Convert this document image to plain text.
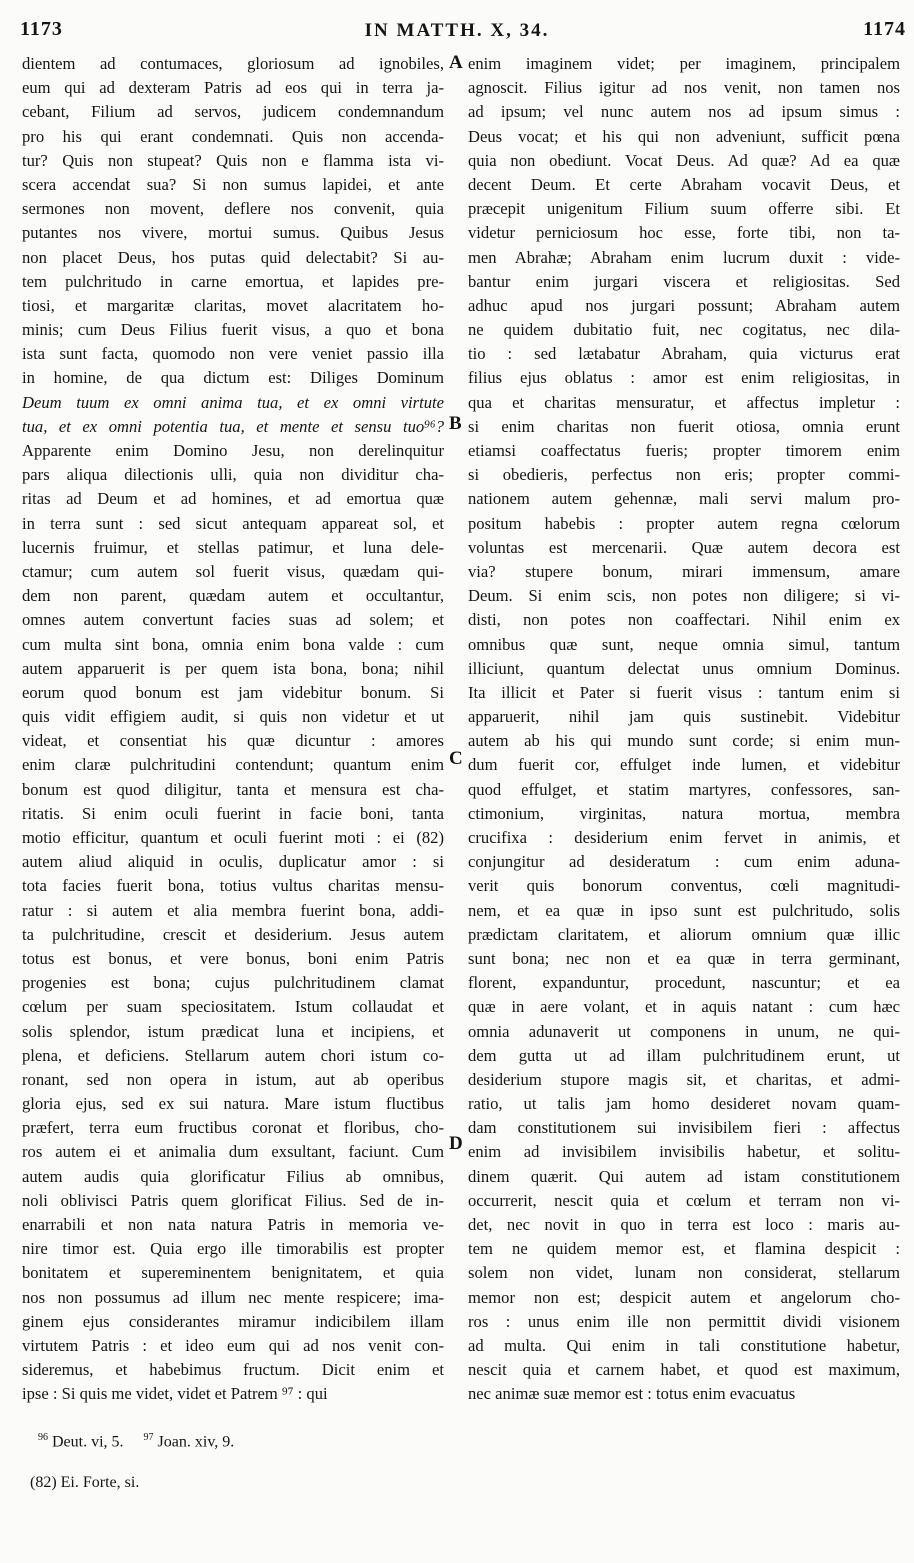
1173	IN MATTH. X, 34.	1174
dientem ad contumaces, gloriosum ad ignobiles,
eum qui ad dexteram Patris ad eos qui in terra ja-
cebant, Filium ad servos, judicem condemnandum
pro his qui erant condemnati. Quis non accenda-
tur? Quis non stupeat? Quis non e flamma ista vi-
scera accendat sua? Si non sumus lapidei, et ante
sermones non movent, deflere nos convenit, quia
putantes nos vivere, mortui sumus. Quibus Jesus
non placet Deus, hos putas quid delectabit? Si au-
tem pulchritudo in carne emortua, et lapides pre-
tiosi, et margaritæ claritas, movet alacritatem ho-
minis; cum Deus Filius fuerit visus, a quo et bona
ista sunt facta, quomodo non vere veniet passio illa
in homine, de qua dictum est: Diliges Dominum
Deum tuum ex omni anima tua, et ex omni virtute
tua, et ex omni potentia tua, et mente et sensu tuo⁹⁶?
Apparente enim Domino Jesu, non derelinquitur
pars aliqua dilectionis ulli, quia non dividitur cha-
ritas ad Deum et ad homines, et ad emortua quæ
in terra sunt : sed sicut antequam appareat sol, et
lucernis fruimur, et stellas patimur, et luna dele-
ctamur; cum autem sol fuerit visus, quædam qui-
dem non parent, quædam autem et occultantur,
omnes autem convertunt facies suas ad solem; et
cum multa sint bona, omnia enim bona valde : cum
autem apparuerit is per quem ista bona, bona; nihil
eorum quod bonum est jam videbitur bonum. Si
quis vidit effigiem audit, si quis non videtur et ut
videat, et consentiat his quæ dicuntur : amores
enim claræ pulchritudini contendunt; quantum enim
bonum est quod diligitur, tanta et mensura est cha-
ritatis. Si enim oculi fuerint in facie boni, tanta
motio efficitur, quantum et oculi fuerint moti : ei (82)
autem aliud aliquid in oculis, duplicatur amor : si
tota facies fuerit bona, totius vultus charitas mensu-
ratur : si autem et alia membra fuerint bona, addi-
ta pulchritudine, crescit et desiderium. Jesus autem
totus est bonus, et vere bonus, boni enim Patris
progenies est bona; cujus pulchritudinem clamat
cœlum per suam speciositatem. Istum collaudat et
solis splendor, istum prædicat luna et incipiens, et
plena, et deficiens. Stellarum autem chori istum co-
ronant, sed non opera in istum, aut ab operibus
gloria ejus, sed ex sui natura. Mare istum fluctibus
præfert, terra eum fructibus coronat et floribus, cho-
ros autem ei et animalia dum exsultant, faciunt. Cum
autem audis quia glorificatur Filius ab omnibus,
noli oblivisci Patris quem glorificat Filius. Sed de in-
enarrabili et non nata natura Patris in memoria ve-
nire timor est. Quia ergo ille timorabilis est propter
bonitatem et supereminentem benignitatem, et quia
nos non possumus ad illum nec mente respicere; ima-
ginem ejus considerantes miramur indicibilem illam
virtutem Patris : et ideo eum qui ad nos venit con-
sideremus, et habebimus fructum. Dicit enim et
ipse : Si quis me videt, videt et Patrem ⁹⁷ : qui
enim imaginem videt; per imaginem, principalem
agnoscit. Filius igitur ad nos venit, non tamen nos
ad ipsum; vel nunc autem nos ad ipsum simus :
Deus vocat; et his qui non adveniunt, sufficit pœna
quia non obediunt. Vocat Deus. Ad quæ? Ad ea quæ
decent Deum. Et certe Abraham vocavit Deus, et
præcepit unigenitum Filium suum offerre sibi. Et
videtur perniciosum hoc esse, forte tibi, non ta-
men Abrahæ; Abraham enim lucrum duxit : vide-
bantur enim jurgari viscera et religiositas. Sed
adhuc apud nos jurgari possunt; Abraham autem
ne quidem dubitatio fuit, nec cogitatus, nec dila-
tio : sed lætabatur Abraham, quia victurus erat
filius ejus oblatus : amor est enim religiositas, in
qua et charitas mensuratur, et affectus impletur :
si enim charitas non fuerit otiosa, omnia erunt
etiamsi coaffectatus fueris; propter timorem enim
si obedieris, perfectus non eris; propter commi-
nationem autem gehennæ, mali servi malum pro-
positum habebis : propter autem regna cœlorum
voluntas est mercenarii. Quæ autem decora est
via? stupere bonum, mirari immensum, amare
Deum. Si enim scis, non potes non diligere; si vi-
disti, non potes non coaffectari. Nihil enim ex
omnibus quæ sunt, neque omnia simul, tantum
illiciunt, quantum delectat unus omnium Dominus.
Ita illicit et Pater si fuerit visus : tantum enim si
apparuerit, nihil jam quis sustinebit. Videbitur
autem ab his qui mundo sunt corde; si enim mun-
dum fuerit cor, effulget inde lumen, et videbitur
quod effulget, et statim martyres, confessores, san-
ctimonium, virginitas, natura mortua, membra
crucifixa : desiderium enim fervet in animis, et
conjungitur ad desideratum : cum enim aduna-
verit quis bonorum conventus, cœli magnitudi-
nem, et ea quæ in ipso sunt est pulchritudo, solis
prædictam claritatem, et aliorum omnium quæ illic
sunt bona; nec non et ea quæ in terra germinant,
florent, expanduntur, procedunt, nascuntur; et ea
quæ in aere volant, et in aquis natant : cum hæc
omnia adunaverit ut componens in unum, ne qui-
dem gutta ut ad illam pulchritudinem erunt, ut
desiderium stupore magis sit, et charitas, et admi-
ratio, ut talis jam homo desideret novam quam-
dam constitutionem sui invisibilem fieri : affectus
enim ad invisibilem invisibilis habetur, et solitu-
dinem quærit. Qui autem ad istam constitutionem
occurrerit, nescit quia et cœlum et terram non vi-
det, nec novit in quo in terra est loco : maris au-
tem ne quidem memor est, et flamina despicit :
solem non videt, lunam non considerat, stellarum
memor non est; despicit autem et angelorum cho-
ros : unus enim ille non permittit dividi visionem
ad multa. Qui enim in tali constitutione habetur,
nescit quia et carnem habet, et quod est maximum,
nec animæ suæ memor est : totus enim evacuatus
A
B
C
D
$^{96}$ Deut. vi, 5. $^{97}$ Joan. xiv, 9.
(82) Ei. Forte, si.
